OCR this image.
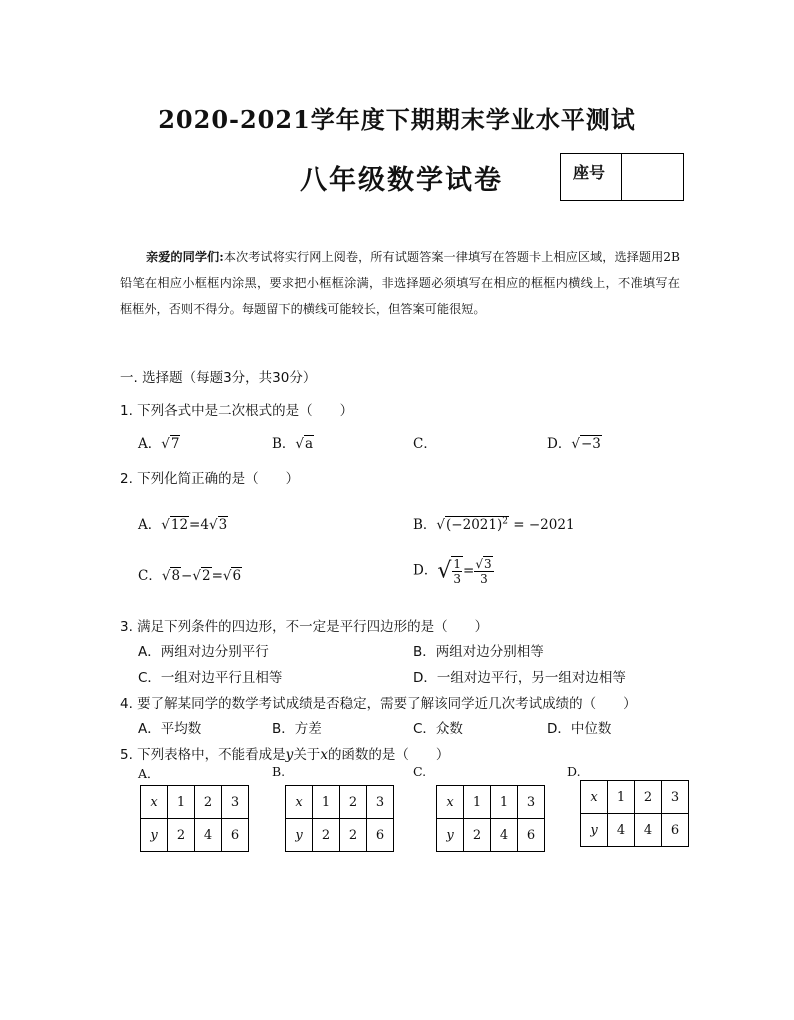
2020-2021学年度下期期末学业水平测试
八年级数学试卷	座号
亲爱的同学们:本次考试将实行网上阅卷，所有试题答案一律填写在答题卡上相应区域，选择题用2B铅笔在相应小框框内涂黑，要求把小框框涂满，非选择题必须填写在相应的框框内横线上，不准填写在框框外，否则不得分。每题留下的横线可能较长，但答案可能很短。
一. 选择题（每题3分，共30分）
1. 下列各式中是二次根式的是（　　）
A．√7	B．√a	C．	D．√−3
2. 下列化简正确的是（　　）
A．√12=4√3	B．$√(-2021)^2 = -2021$
C．√8−√2=√6	D．√ $\frac{1}{3} = \frac{√3}{3}$
3. 满足下列条件的四边形，不一定是平行四边形的是（　　）
A．两组对边分别平行	B．两组对边分别相等
C．一组对边平行且相等	D．一组对边平行，另一组对边相等
4. 要了解某同学的数学考试成绩是否稳定，需要了解该同学近几次考试成绩的（　　）
A．平均数	B．方差	C．众数	D．中位数
5. 下列表格中，不能看成是y关于x的函数的是（　　）
A．	B.	C.	D.
x	1	2	3
y	2	4	6
x	1	2	3
y	2	2	6
x	1	1	3
y	2	4	6
x	1	2	3
y	4	4	6
